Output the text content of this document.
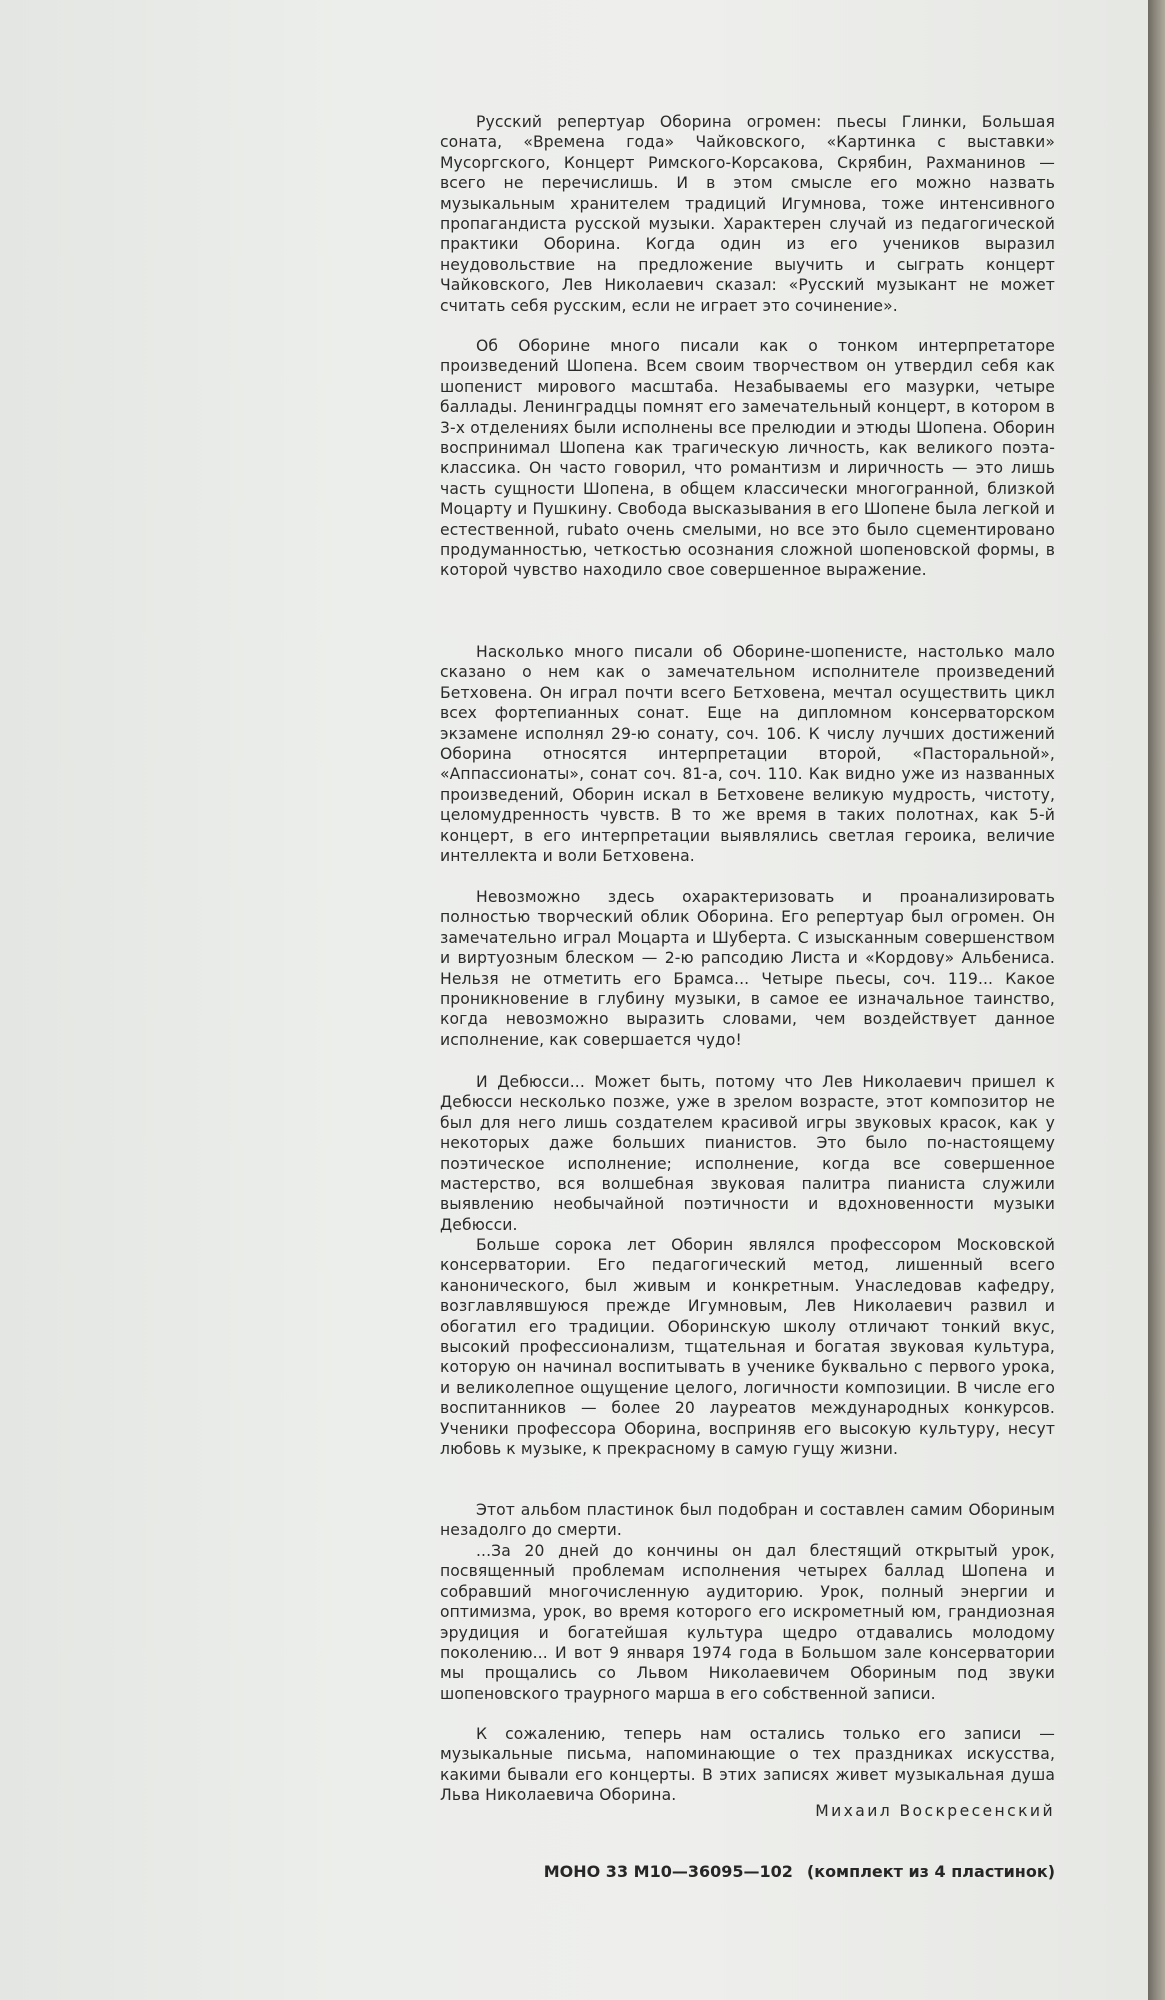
Русский репертуар Оборина огромен: пьесы Глинки, Большая соната, «Времена года» Чайковского, «Картинка с выставки» Мусоргского, Концерт Римского-Корсакова, Скрябин, Рахманинов — всего не перечислишь. И в этом смысле его можно назвать музыкальным хранителем традиций Игумнова, тоже интенсивного пропагандиста русской музыки. Характерен случай из педагогической практики Оборина. Когда один из его учеников выразил неудовольствие на предложение выучить и сыграть концерт Чайковского, Лев Николаевич сказал: «Русский музыкант не может считать себя русским, если не играет это сочинение».

Об Оборине много писали как о тонком интерпретаторе произведений Шопена. Всем своим творчеством он утвердил себя как шопенист мирового масштаба. Незабываемы его мазурки, четыре баллады. Ленинградцы помнят его замечательный концерт, в котором в 3-х отделениях были исполнены все прелюдии и этюды Шопена. Оборин воспринимал Шопена как трагическую личность, как великого поэта-классика. Он часто говорил, что романтизм и лиричность — это лишь часть сущности Шопена, в общем классически многогранной, близкой Моцарту и Пушкину. Свобода высказывания в его Шопене была легкой и естественной, rubato очень смелыми, но все это было сцементировано продуманностью, четкостью осознания сложной шопеновской формы, в которой чувство находило свое совершенное выражение.

Насколько много писали об Оборине-шопенисте, настолько мало сказано о нем как о замечательном исполнителе произведений Бетховена. Он играл почти всего Бетховена, мечтал осуществить цикл всех фортепианных сонат. Еще на дипломном консерваторском экзамене исполнял 29-ю сонату, соч. 106. К числу лучших достижений Оборина относятся интерпретации второй, «Пасторальной», «Аппассионаты», сонат соч. 81-а, соч. 110. Как видно уже из названных произведений, Оборин искал в Бетховене великую мудрость, чистоту, целомудренность чувств. В то же время в таких полотнах, как 5-й концерт, в его интерпретации выявлялись светлая героика, величие интеллекта и воли Бетховена.

Невозможно здесь охарактеризовать и проанализировать полностью творческий облик Оборина. Его репертуар был огромен. Он замечательно играл Моцарта и Шуберта. С изысканным совершенством и виртуозным блеском — 2-ю рапсодию Листа и «Кордову» Альбениса. Нельзя не отметить его Брамса... Четыре пьесы, соч. 119... Какое проникновение в глубину музыки, в самое ее изначальное таинство, когда невозможно выразить словами, чем воздействует данное исполнение, как совершается чудо!

И Дебюсси... Может быть, потому что Лев Николаевич пришел к Дебюсси несколько позже, уже в зрелом возрасте, этот композитор не был для него лишь создателем красивой игры звуковых красок, как у некоторых даже больших пианистов. Это было по-настоящему поэтическое исполнение; исполнение, когда все совершенное мастерство, вся волшебная звуковая палитра пианиста служили выявлению необычайной поэтичности и вдохновенности музыки Дебюсси.

Больше сорока лет Оборин являлся профессором Московской консерватории. Его педагогический метод, лишенный всего канонического, был живым и конкретным. Унаследовав кафедру, возглавлявшуюся прежде Игумновым, Лев Николаевич развил и обогатил его традиции. Оборинскую школу отличают тонкий вкус, высокий профессионализм, тщательная и богатая звуковая культура, которую он начинал воспитывать в ученике буквально с первого урока, и великолепное ощущение целого, логичности композиции. В числе его воспитанников — более 20 лауреатов международных конкурсов. Ученики профессора Оборина, восприняв его высокую культуру, несут любовь к музыке, к прекрасному в самую гущу жизни.

Этот альбом пластинок был подобран и составлен самим Обориным незадолго до смерти.

...За 20 дней до кончины он дал блестящий открытый урок, посвященный проблемам исполнения четырех баллад Шопена и собравший многочисленную аудиторию. Урок, полный энергии и оптимизма, урок, во время которого его искрометный юм, грандиозная эрудиция и богатейшая культура щедро отдавались молодому поколению... И вот 9 января 1974 года в Большом зале консерватории мы прощались со Львом Николаевичем Обориным под звуки шопеновского траурного марша в его собственной записи.

К сожалению, теперь нам остались только его записи — музыкальные письма, напоминающие о тех праздниках искусства, какими бывали его концерты. В этих записях живет музыкальная душа Льва Николаевича Оборина.

Михаил Воскресенский
МОНО 33 М10—36095—102 (комплект из 4 пластинок)
